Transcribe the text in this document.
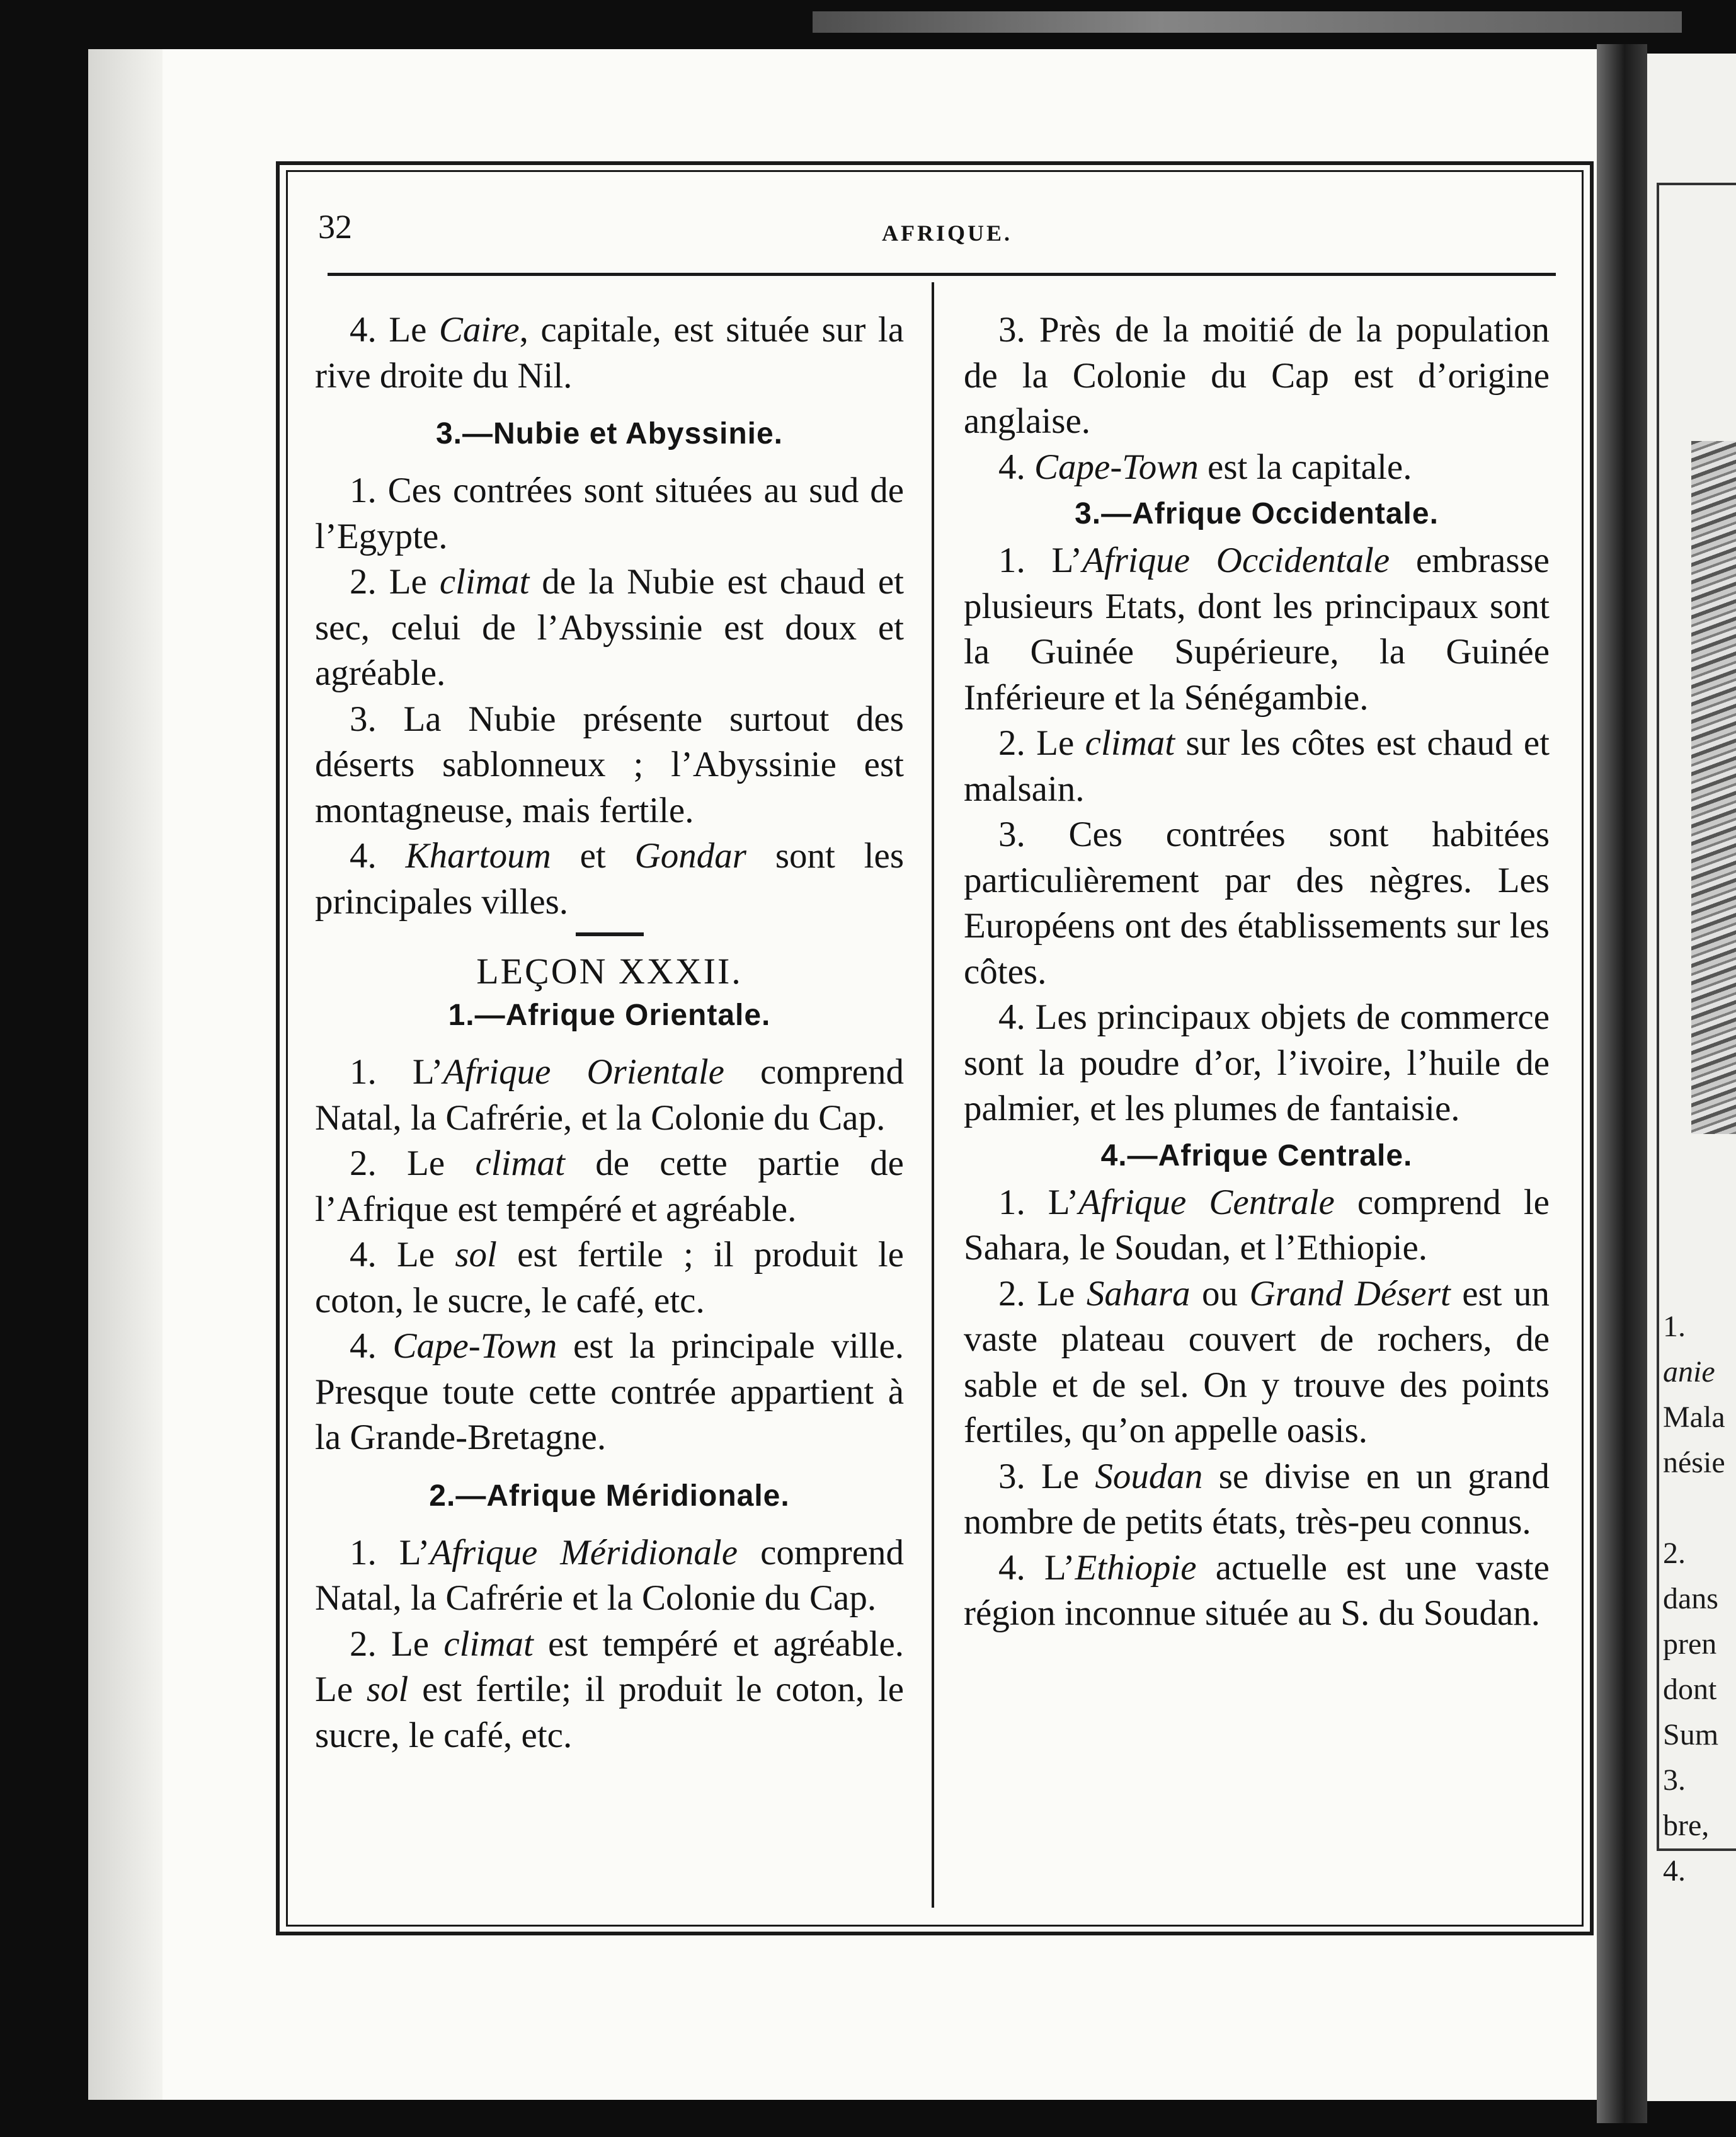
1.
anie
Mala
nésie
2.
dans
pren
dont
Sum
3.
bre,
4.
32	AFRIQUE.

4. Le Caire, capitale, est située sur la rive droite du Nil.

3.—Nubie et Abyssinie.

1. Ces contrées sont situées au sud de l’Egypte.

2. Le climat de la Nubie est chaud et sec, celui de l’Abyssinie est doux et agréable.

3. La Nubie présente surtout des déserts sablonneux ; l’Abyssinie est montagneuse, mais fertile.

4. Khartoum et Gondar sont les principales villes.

LEÇON XXXII.
1.—Afrique Orientale.

1. L’Afrique Orientale comprend Natal, la Cafrérie, et la Colonie du Cap.

2. Le climat de cette partie de l’Afrique est tempéré et agréable.

4. Le sol est fertile ; il produit le coton, le sucre, le café, etc.

4. Cape-Town est la principale ville. Presque toute cette contrée appartient à la Grande-Bretagne.

2.—Afrique Méridionale.

1. L’Afrique Méridionale comprend Natal, la Cafrérie et la Colonie du Cap.

2. Le climat est tempéré et agréable. Le sol est fertile; il produit le coton, le sucre, le café, etc.

3. Près de la moitié de la population de la Colonie du Cap est d’origine anglaise.

4. Cape-Town est la capitale.

3.—Afrique Occidentale.

1. L’Afrique Occidentale embrasse plusieurs Etats, dont les principaux sont la Guinée Supérieure, la Guinée Inférieure et la Sénégambie.

2. Le climat sur les côtes est chaud et malsain.

3. Ces contrées sont habitées particulièrement par des nègres. Les Européens ont des établissements sur les côtes.

4. Les principaux objets de commerce sont la poudre d’or, l’ivoire, l’huile de palmier, et les plumes de fantaisie.

4.—Afrique Centrale.

1. L’Afrique Centrale comprend le Sahara, le Soudan, et l’Ethiopie.

2. Le Sahara ou Grand Désert est un vaste plateau couvert de rochers, de sable et de sel. On y trouve des points fertiles, qu’on appelle oasis.

3. Le Soudan se divise en un grand nombre de petits états, très-peu connus.

4. L’Ethiopie actuelle est une vaste région inconnue située au S. du Soudan.
